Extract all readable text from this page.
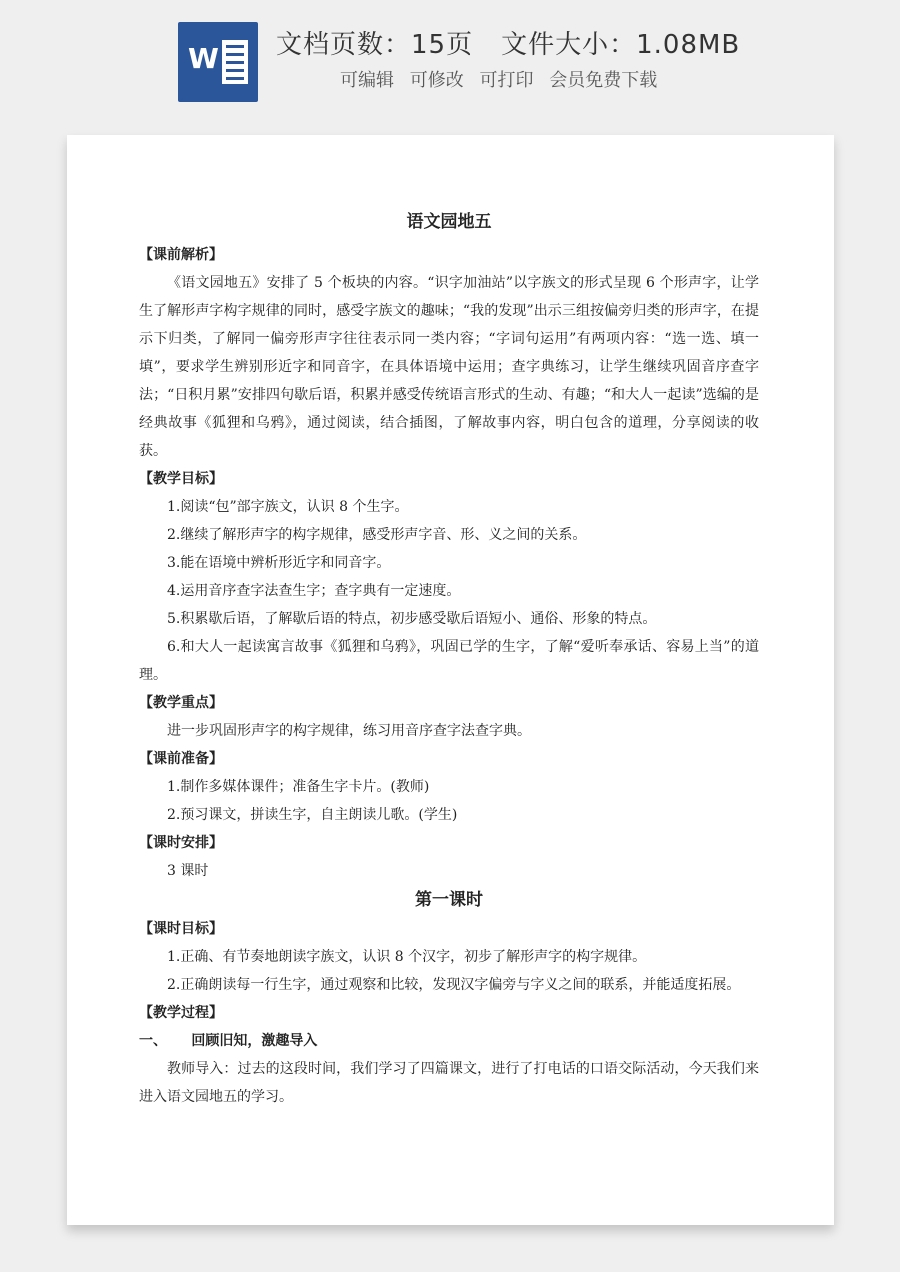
W 文档页数：15页 文件大小：1.08MB
可编辑 可修改 可打印 会员免费下载
语文园地五
【课前解析】
《语文园地五》安排了 5 个板块的内容。“识字加油站”以字族文的形式呈现 6 个形声字，让学生了解形声字构字规律的同时，感受字族文的趣味；“我的发现”出示三组按偏旁归类的形声字，在提示下归类，了解同一偏旁形声字往往表示同一类内容；“字词句运用”有两项内容：“选一选、填一填”，要求学生辨别形近字和同音字，在具体语境中运用；查字典练习，让学生继续巩固音序查字法；“日积月累”安排四句歇后语，积累并感受传统语言形式的生动、有趣；“和大人一起读”选编的是经典故事《狐狸和乌鸦》，通过阅读，结合插图，了解故事内容，明白包含的道理，分享阅读的收获。
【教学目标】
1.阅读“包”部字族文，认识 8 个生字。
2.继续了解形声字的构字规律，感受形声字音、形、义之间的关系。
3.能在语境中辨析形近字和同音字。
4.运用音序查字法查生字；查字典有一定速度。
5.积累歇后语，了解歇后语的特点，初步感受歇后语短小、通俗、形象的特点。
6.和大人一起读寓言故事《狐狸和乌鸦》，巩固已学的生字，了解“爱听奉承话、容易上当”的道理。
【教学重点】
进一步巩固形声字的构字规律，练习用音序查字法查字典。
【课前准备】
1.制作多媒体课件；准备生字卡片。(教师)
2.预习课文，拼读生字，自主朗读儿歌。(学生)
【课时安排】
3 课时
第一课时
【课时目标】
1.正确、有节奏地朗读字族文，认识 8 个汉字，初步了解形声字的构字规律。
2.正确朗读每一行生字，通过观察和比较，发现汉字偏旁与字义之间的联系，并能适度拓展。
【教学过程】
一、 回顾旧知，激趣导入
教师导入：过去的这段时间，我们学习了四篇课文，进行了打电话的口语交际活动，今天我们来进入语文园地五的学习。
